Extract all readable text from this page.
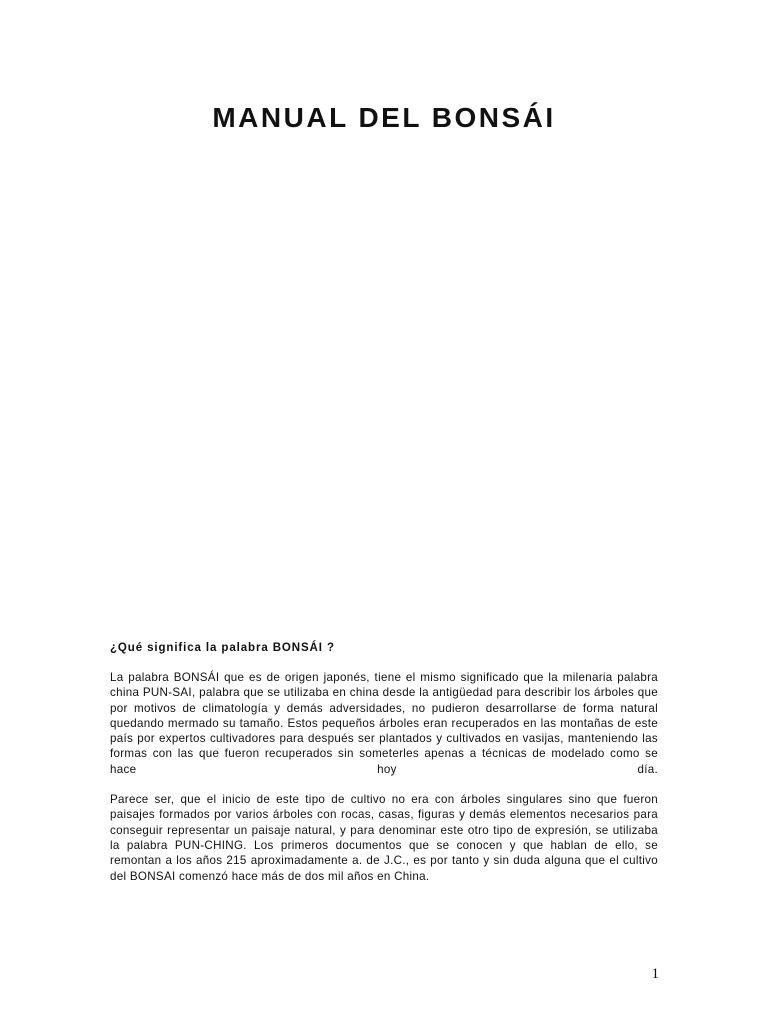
MANUAL DEL BONSÁI
¿Qué significa la palabra BONSÁI ?

La palabra BONSÁI que es de origen japonés, tiene el mismo significado que la milenaria palabra china PUN-SAI, palabra que se utilizaba en china desde la antigüedad para describir los árboles que por motivos de climatología y demás adversidades, no pudieron desarrollarse de forma natural quedando mermado su tamaño. Estos pequeños árboles eran recuperados en las montañas de este país por expertos cultivadores para después ser plantados y cultivados en vasijas, manteniendo las formas con las que fueron recuperados sin someterles apenas a técnicas de modelado como se hace hoy día.

Parece ser, que el inicio de este tipo de cultivo no era con árboles singulares sino que fueron paisajes formados por varios árboles con rocas, casas, figuras y demás elementos necesarios para conseguir representar un paisaje natural, y para denominar este otro tipo de expresión, se utilizaba la palabra PUN-CHING. Los primeros documentos que se conocen y que hablan de ello, se remontan a los años 215 aproximadamente a. de J.C., es por tanto y sin duda alguna que el cultivo del BONSAI comenzó hace más de dos mil años en China.

1
